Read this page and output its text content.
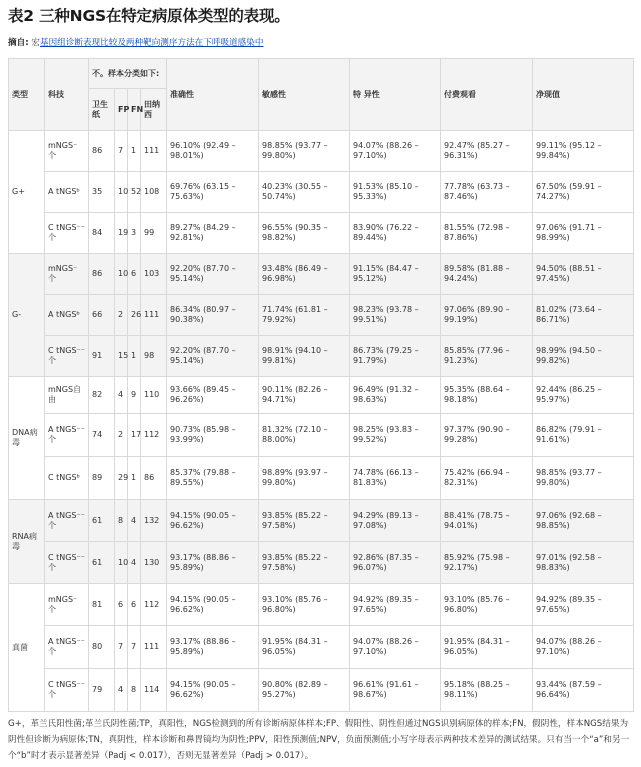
表2 三种NGS在特定病原体类型的表现。
摘自: 宏基因组诊断表现比较及两种靶向测序方法在下呼吸道感染中
类型	科技	不。样本分类如下:				准确性	敏感性	特 异性	付费观看	净现值
		卫生纸	FP	FN	田纳西					
G+	mNGS⁻个	86	7	1	111	96.10% (92.49 – 98.01%)	98.85% (93.77 – 99.80%)	94.07% (88.26 – 97.10%)	92.47% (85.27 – 96.31%)	99.11% (95.12 – 99.84%)
	A tNGSᵇ	35	10	52	108	69.76% (63.15 – 75.63%)	40.23% (30.55 – 50.74%)	91.53% (85.10 – 95.33%)	77.78% (63.73 – 87.46%)	67.50% (59.91 – 74.27%)
	C tNGS⁻⁻个	84	19	3	99	89.27% (84.29 – 92.81%)	96.55% (90.35 – 98.82%)	83.90% (76.22 – 89.44%)	81.55% (72.98 – 87.86%)	97.06% (91.71 – 98.99%)
G-	mNGS⁻个	86	10	6	103	92.20% (87.70 – 95.14%)	93.48% (86.49 – 96.98%)	91.15% (84.47 – 95.12%)	89.58% (81.88 – 94.24%)	94.50% (88.51 – 97.45%)
	A tNGSᵇ	66	2	26	111	86.34% (80.97 – 90.38%)	71.74% (61.81 – 79.92%)	98.23% (93.78 – 99.51%)	97.06% (89.90 – 99.19%)	81.02% (73.64 – 86.71%)
	C tNGS⁻⁻个	91	15	1	98	92.20% (87.70 – 95.14%)	98.91% (94.10 – 99.81%)	86.73% (79.25 – 91.79%)	85.85% (77.96 – 91.23%)	98.99% (94.50 – 99.82%)
DNA病毒	mNGS自由	82	4	9	110	93.66% (89.45 – 96.26%)	90.11% (82.26 – 94.71%)	96.49% (91.32 – 98.63%)	95.35% (88.64 – 98.18%)	92.44% (86.25 – 95.97%)
	A tNGS⁻⁻个	74	2	17	112	90.73% (85.98 – 93.99%)	81.32% (72.10 – 88.00%)	98.25% (93.83 – 99.52%)	97.37% (90.90 – 99.28%)	86.82% (79.91 – 91.61%)
	C tNGSᵇ	89	29	1	86	85.37% (79.88 – 89.55%)	98.89% (93.97 – 99.80%)	74.78% (66.13 – 81.83%)	75.42% (66.94 – 82.31%)	98.85% (93.77 – 99.80%)
RNA病毒	A tNGS⁻⁻个	61	8	4	132	94.15% (90.05 – 96.62%)	93.85% (85.22 – 97.58%)	94.29% (89.13 – 97.08%)	88.41% (78.75 – 94.01%)	97.06% (92.68 – 98.85%)
	C tNGS⁻⁻个	61	10	4	130	93.17% (88.86 – 95.89%)	93.85% (85.22 – 97.58%)	92.86% (87.35 – 96.07%)	85.92% (75.98 – 92.17%)	97.01% (92.58 – 98.83%)
真菌	mNGS⁻个	81	6	6	112	94.15% (90.05 – 96.62%)	93.10% (85.76 – 96.80%)	94.92% (89.35 – 97.65%)	93.10% (85.76 – 96.80%)	94.92% (89.35 – 97.65%)
	A tNGS⁻⁻个	80	7	7	111	93.17% (88.86 – 95.89%)	91.95% (84.31 – 96.05%)	94.07% (88.26 – 97.10%)	91.95% (84.31 – 96.05%)	94.07% (88.26 – 97.10%)
	C tNGS⁻⁻个	79	4	8	114	94.15% (90.05 – 96.62%)	90.80% (82.89 – 95.27%)	96.61% (91.61 – 98.67%)	95.18% (88.25 – 98.11%)	93.44% (87.59 – 96.64%)
G+，革兰氏阳性菌;革兰氏阴性菌;TP，真阳性，NGS检测到的所有诊断病原体样本;FP、假阳性、阴性但通过NGS识别病原体的样本;FN，假阴性，样本NGS结果为阴性但诊断为病原体;TN，真阴性，样本诊断和鼻胃镜均为阴性;PPV，阳性预测值;NPV，负面预测值;小写字母表示两种技术差异的测试结果。只有当一个“a”和另一个“b”时才表示显著差异（Padj < 0.017），否则无显著差异（Padj > 0.017）。
